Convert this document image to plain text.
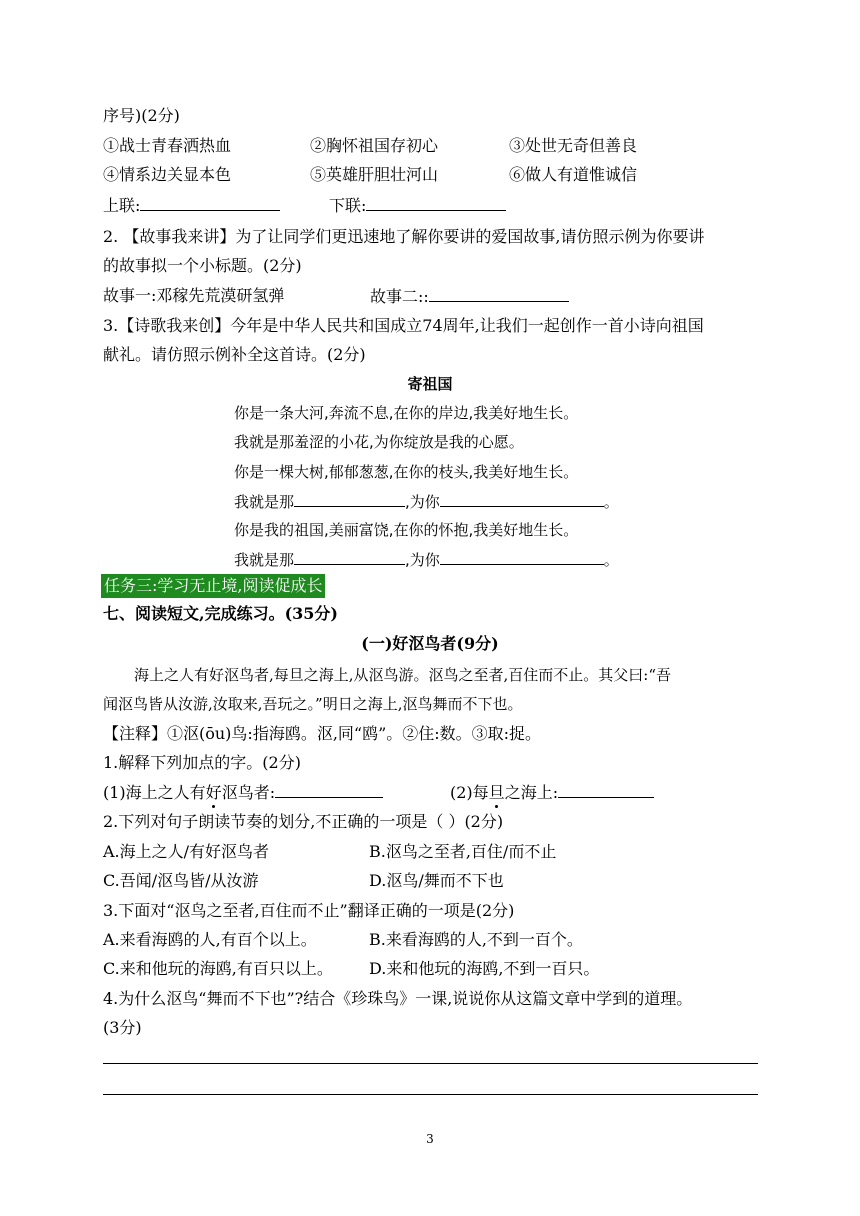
序号)(2分)
①战士青春洒热血	②胸怀祖国存初心	③处世无奇但善良
④情系边关显本色	⑤英雄肝胆壮河山	⑥做人有道惟诚信
上联:	下联:
2. 【故事我来讲】为了让同学们更迅速地了解你要讲的爱国故事,请仿照示例为你要讲
的故事拟一个小标题。(2分)
故事一:邓稼先荒漠研氢弹	故事二::
3.【诗歌我来创】今年是中华人民共和国成立74周年,让我们一起创作一首小诗向祖国
献礼。请仿照示例补全这首诗。(2分)
寄祖国
你是一条大河,奔流不息,在你的岸边,我美好地生长。
我就是那羞涩的小花,为你绽放是我的心愿。
你是一棵大树,郁郁葱葱,在你的枝头,我美好地生长。
我就是那	,为你	。
你是我的祖国,美丽富饶,在你的怀抱,我美好地生长。
我就是那	,为你	。
任务三:学习无止境,阅读促成长
七、阅读短文,完成练习。(35分)
(一)好沤鸟者(9分)
海上之人有好沤鸟者,每旦之海上,从沤鸟游。沤鸟之至者,百住而不止。其父曰:“吾
闻沤鸟皆从汝游,汝取来,吾玩之。”明日之海上,沤鸟舞而不下也。
【注释】①沤(ōu)鸟:指海鸥。沤,同“鸥”。②住:数。③取:捉。
1.解释下列加点的字。(2分)
(1)海上之人有好沤鸟者:	(2)每旦之海上:
2.下列对句子朗读节奏的划分,不正确的一项是（ ）(2分)
A.海上之人/有好沤鸟者	B.沤鸟之至者,百住/而不止
C.吾闻/沤鸟皆/从汝游	D.沤鸟/舞而不下也
3.下面对“沤鸟之至者,百住而不止”翻译正确的一项是(2分)
A.来看海鸥的人,有百个以上。	B.来看海鸥的人,不到一百个。
C.来和他玩的海鸥,有百只以上。 D.来和他玩的海鸥,不到一百只。
4.为什么沤鸟“舞而不下也”?结合《珍珠鸟》一课,说说你从这篇文章中学到的道理。
(3分)
3
